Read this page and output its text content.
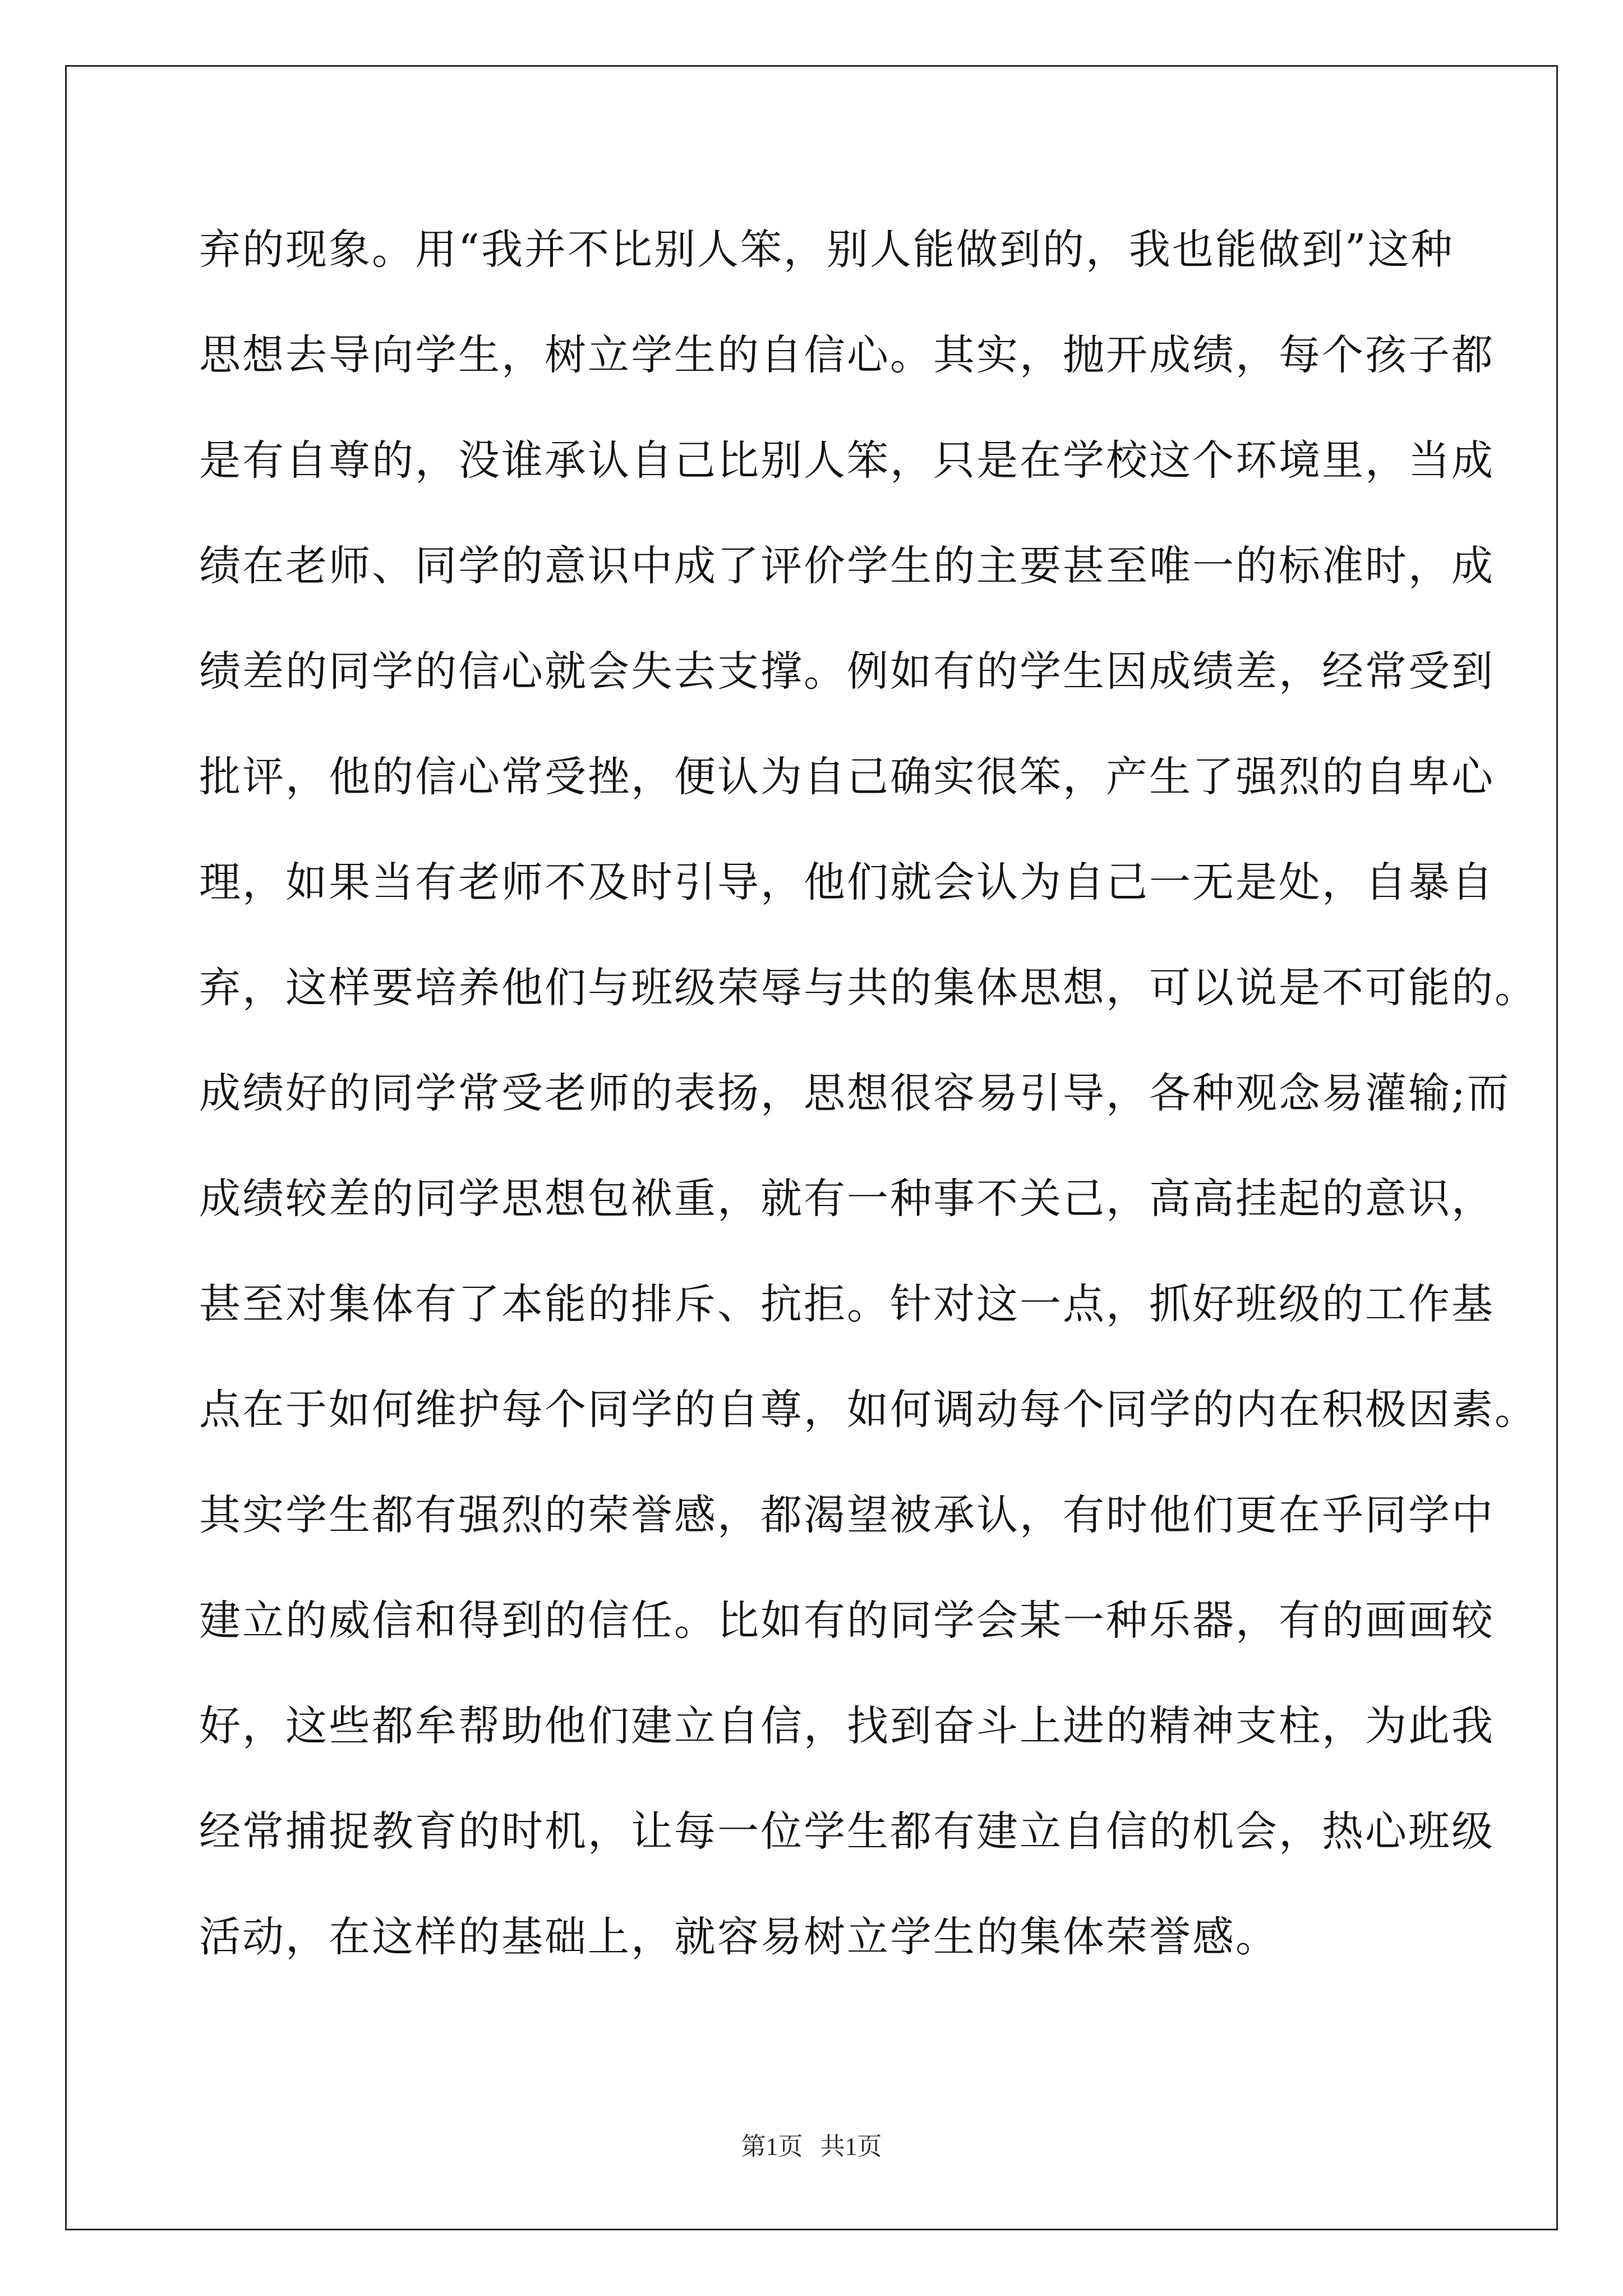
弃的现象。用“我并不比别人笨，别人能做到的，我也能做到”这种
思想去导向学生，树立学生的自信心。其实，抛开成绩，每个孩子都
是有自尊的，没谁承认自己比别人笨，只是在学校这个环境里，当成
绩在老师、同学的意识中成了评价学生的主要甚至唯一的标准时，成
绩差的同学的信心就会失去支撑。例如有的学生因成绩差，经常受到
批评，他的信心常受挫，便认为自己确实很笨，产生了强烈的自卑心
理，如果当有老师不及时引导，他们就会认为自己一无是处，自暴自
弃，这样要培养他们与班级荣辱与共的集体思想，可以说是不可能的。
成绩好的同学常受老师的表扬，思想很容易引导，各种观念易灌输;而
成绩较差的同学思想包袱重，就有一种事不关己，高高挂起的意识，
甚至对集体有了本能的排斥、抗拒。针对这一点，抓好班级的工作基
点在于如何维护每个同学的自尊，如何调动每个同学的内在积极因素。
其实学生都有强烈的荣誉感，都渴望被承认，有时他们更在乎同学中
建立的威信和得到的信任。比如有的同学会某一种乐器，有的画画较
好，这些都牟帮助他们建立自信，找到奋斗上进的精神支柱，为此我
经常捕捉教育的时机，让每一位学生都有建立自信的机会，热心班级
活动，在这样的基础上，就容易树立学生的集体荣誉感。
第1页 共1页
